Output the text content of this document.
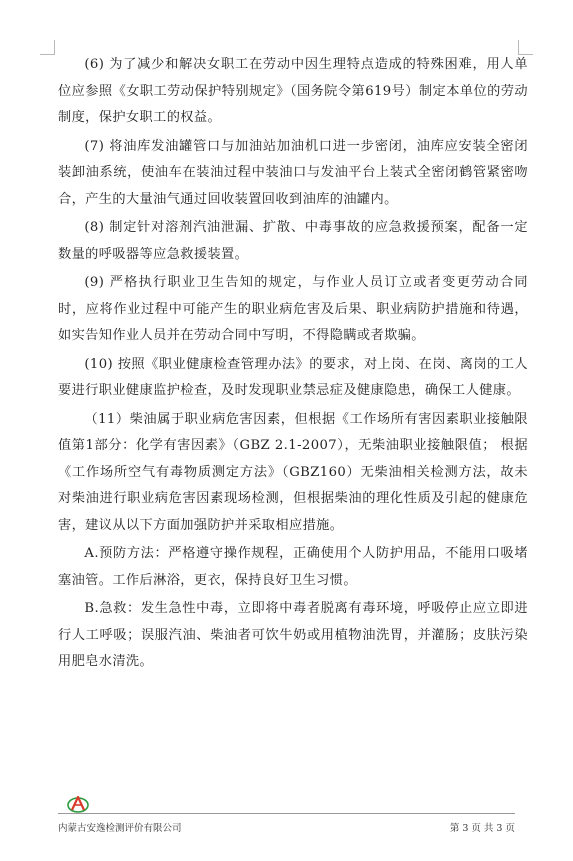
(6) 为了减少和解决女职工在劳动中因生理特点造成的特殊困难，用人单位应参照《女职工劳动保护特别规定》（国务院令第619号）制定本单位的劳动制度，保护女职工的权益。

(7) 将油库发油罐管口与加油站加油机口进一步密闭，油库应安装全密闭装卸油系统，使油车在装油过程中装油口与发油平台上装式全密闭鹤管紧密吻合，产生的大量油气通过回收装置回收到油库的油罐内。

(8) 制定针对溶剂汽油泄漏、扩散、中毒事故的应急救援预案，配备一定数量的呼吸器等应急救援装置。

(9) 严格执行职业卫生告知的规定，与作业人员订立或者变更劳动合同时，应将作业过程中可能产生的职业病危害及后果、职业病防护措施和待遇，如实告知作业人员并在劳动合同中写明，不得隐瞒或者欺骗。

(10) 按照《职业健康检查管理办法》的要求，对上岗、在岗、离岗的工人要进行职业健康监护检查，及时发现职业禁忌症及健康隐患，确保工人健康。

（11）柴油属于职业病危害因素，但根据《工作场所有害因素职业接触限值第1部分：化学有害因素》（GBZ 2.1-2007），无柴油职业接触限值； 根据《工作场所空气有毒物质测定方法》（GBZ160）无柴油相关检测方法，故未对柴油进行职业病危害因素现场检测，但根据柴油的理化性质及引起的健康危害，建议从以下方面加强防护并采取相应措施。

A.预防方法：严格遵守操作规程，正确使用个人防护用品，不能用口吸堵塞油管。工作后淋浴，更衣，保持良好卫生习惯。

B.急救：发生急性中毒，立即将中毒者脱离有毒环境，呼吸停止应立即进行人工呼吸；误服汽油、柴油者可饮牛奶或用植物油洗胃，并灌肠；皮肤污染用肥皂水清洗。

内蒙古安逸检测评价有限公司	第 3 页 共 3 页
